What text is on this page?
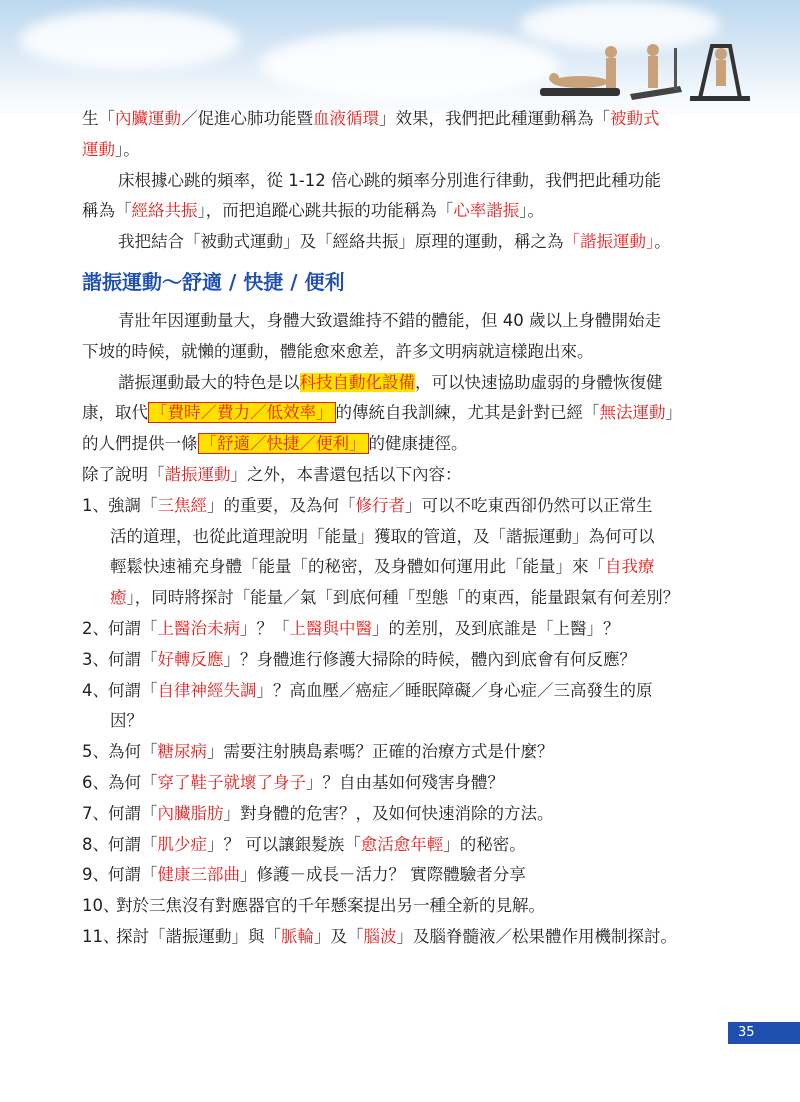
生「內臟運動／促進心肺功能暨血液循環」效果，我們把此種運動稱為「被動式
運動」。
床根據心跳的頻率，從 1-12 倍心跳的頻率分別進行律動，我們把此種功能
稱為「經絡共振」，而把追蹤心跳共振的功能稱為「心率諧振」。
我把結合「被動式運動」及「經絡共振」原理的運動，稱之為「諧振運動」。
諧振運動～舒適 / 快捷 / 便利
青壯年因運動量大，身體大致還維持不錯的體能，但 40 歲以上身體開始走
下坡的時候，就懶的運動，體能愈來愈差，許多文明病就這樣跑出來。
諧振運動最大的特色是以科技自動化設備，可以快速協助虛弱的身體恢復健
康，取代 「費時／費力／低效率」 的傳統自我訓練，尤其是針對已經「無法運動」
的人們提供一條 「舒適／快捷／便利」 的健康捷徑。
除了說明「諧振運動」之外，本書還包括以下內容：
1、 強調「三焦經」的重要，及為何「修行者」可以不吃東西卻仍然可以正常生
活的道理，也從此道理說明「能量」獲取的管道，及「諧振運動」為何可以
輕鬆快速補充身體「能量「的秘密，及身體如何運用此「能量」來「自我療
癒」，同時將探討「能量／氣「到底何種「型態「的東西，能量跟氣有何差別？
2、 何謂「上醫治未病」？「上醫與中醫」的差別，及到底誰是「上醫」？
3、 何謂「好轉反應」？身體進行修護大掃除的時候，體內到底會有何反應？
4、 何謂「自律神經失調」？高血壓／癌症／睡眠障礙／身心症／三高發生的原
因？
5、 為何「糖尿病」需要注射胰島素嗎？正確的治療方式是什麼？
6、 為何「穿了鞋子就壞了身子」？自由基如何殘害身體？
7、 何謂「內臟脂肪」對身體的危害？，及如何快速消除的方法。
8、 何謂「肌少症」？ 可以讓銀髮族「愈活愈年輕」的秘密。
9、 何謂「健康三部曲」修護－成長－活力？ 實際體驗者分享
10、
對於三焦沒有對應器官的千年懸案提出另一種全新的見解。
11、
探討「諧振運動」與「脈輪」及「腦波」及腦脊髓液／松果體作用機制探討。
35
